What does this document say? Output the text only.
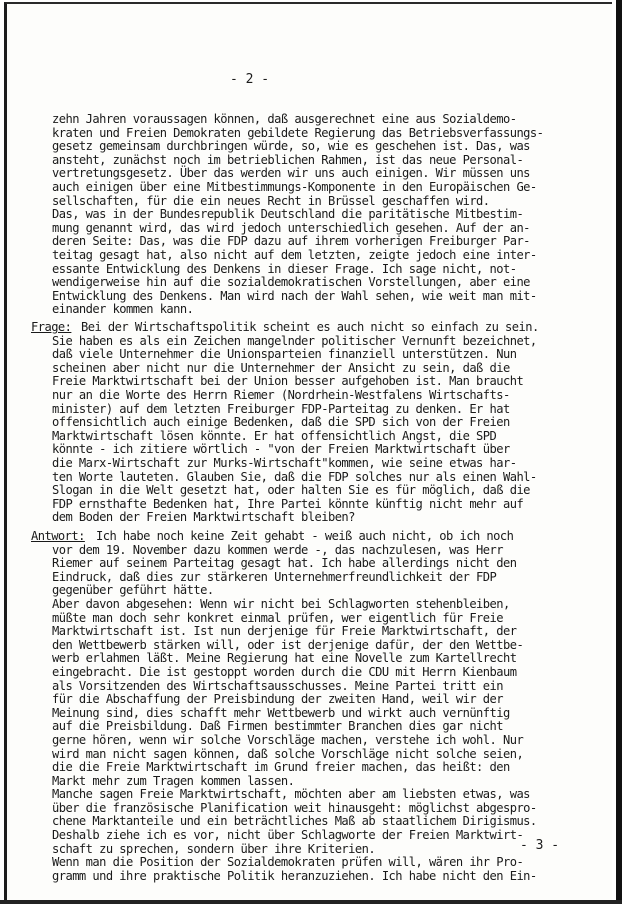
- 2 -
zehn Jahren voraussagen können, daß ausgerechnet eine aus Sozialdemo-
kraten und Freien Demokraten gebildete Regierung das Betriebsverfassungs-
gesetz gemeinsam durchbringen würde, so, wie es geschehen ist. Das, was
ansteht, zunächst noch im betrieblichen Rahmen, ist das neue Personal-
vertretungsgesetz. Über das werden wir uns auch einigen. Wir müssen uns
auch einigen über eine Mitbestimmungs-Komponente in den Europäischen Ge-
sellschaften, für die ein neues Recht in Brüssel geschaffen wird.
Das, was in der Bundesrepublik Deutschland die paritätische Mitbestim-
mung genannt wird, das wird jedoch unterschiedlich gesehen. Auf der an-
deren Seite: Das, was die FDP dazu auf ihrem vorherigen Freiburger Par-
teitag gesagt hat, also nicht auf dem letzten, zeigte jedoch eine inter-
essante Entwicklung des Denkens in dieser Frage. Ich sage nicht, not-
wendigerweise hin auf die sozialdemokratischen Vorstellungen, aber eine
Entwicklung des Denkens. Man wird nach der Wahl sehen, wie weit man mit-
einander kommen kann.
Frage: Bei der Wirtschaftspolitik scheint es auch nicht so einfach zu sein.
Sie haben es als ein Zeichen mangelnder politischer Vernunft bezeichnet,
daß viele Unternehmer die Unionsparteien finanziell unterstützen. Nun
scheinen aber nicht nur die Unternehmer der Ansicht zu sein, daß die
Freie Marktwirtschaft bei der Union besser aufgehoben ist. Man braucht
nur an die Worte des Herrn Riemer (Nordrhein-Westfalens Wirtschafts-
minister) auf dem letzten Freiburger FDP-Parteitag zu denken. Er hat
offensichtlich auch einige Bedenken, daß die SPD sich von der Freien
Marktwirtschaft lösen könnte. Er hat offensichtlich Angst, die SPD
könnte - ich zitiere wörtlich - "von der Freien Marktwirtschaft über
die Marx-Wirtschaft zur Murks-Wirtschaft"kommen, wie seine etwas har-
ten Worte lauteten. Glauben Sie, daß die FDP solches nur als einen Wahl-
Slogan in die Welt gesetzt hat, oder halten Sie es für möglich, daß die
FDP ernsthafte Bedenken hat, Ihre Partei könnte künftig nicht mehr auf
dem Boden der Freien Marktwirtschaft bleiben?
Antwort: Ich habe noch keine Zeit gehabt - weiß auch nicht, ob ich noch
vor dem 19. November dazu kommen werde -, das nachzulesen, was Herr
Riemer auf seinem Parteitag gesagt hat. Ich habe allerdings nicht den
Eindruck, daß dies zur stärkeren Unternehmerfreundlichkeit der FDP
gegenüber geführt hätte.
Aber davon abgesehen: Wenn wir nicht bei Schlagworten stehenbleiben,
müßte man doch sehr konkret einmal prüfen, wer eigentlich für Freie
Marktwirtschaft ist. Ist nun derjenige für Freie Marktwirtschaft, der
den Wettbewerb stärken will, oder ist derjenige dafür, der den Wettbe-
werb erlahmen läßt. Meine Regierung hat eine Novelle zum Kartellrecht
eingebracht. Die ist gestoppt worden durch die CDU mit Herrn Kienbaum
als Vorsitzenden des Wirtschaftsausschusses. Meine Partei tritt ein
für die Abschaffung der Preisbindung der zweiten Hand, weil wir der
Meinung sind, dies schafft mehr Wettbewerb und wirkt auch vernünftig
auf die Preisbildung. Daß Firmen bestimmter Branchen dies gar nicht
gerne hören, wenn wir solche Vorschläge machen, verstehe ich wohl. Nur
wird man nicht sagen können, daß solche Vorschläge nicht solche seien,
die die Freie Marktwirtschaft im Grund freier machen, das heißt: den
Markt mehr zum Tragen kommen lassen.
Manche sagen Freie Marktwirtschaft, möchten aber am liebsten etwas, was
über die französische Planification weit hinausgeht: möglichst abgespro-
chene Marktanteile und ein beträchtliches Maß ab staatlichem Dirigismus.
Deshalb ziehe ich es vor, nicht über Schlagworte der Freien Marktwirt-
schaft zu sprechen, sondern über ihre Kriterien.
Wenn man die Position der Sozialdemokraten prüfen will, wären ihr Pro-
gramm und ihre praktische Politik heranzuziehen. Ich habe nicht den Ein-
- 3 -
